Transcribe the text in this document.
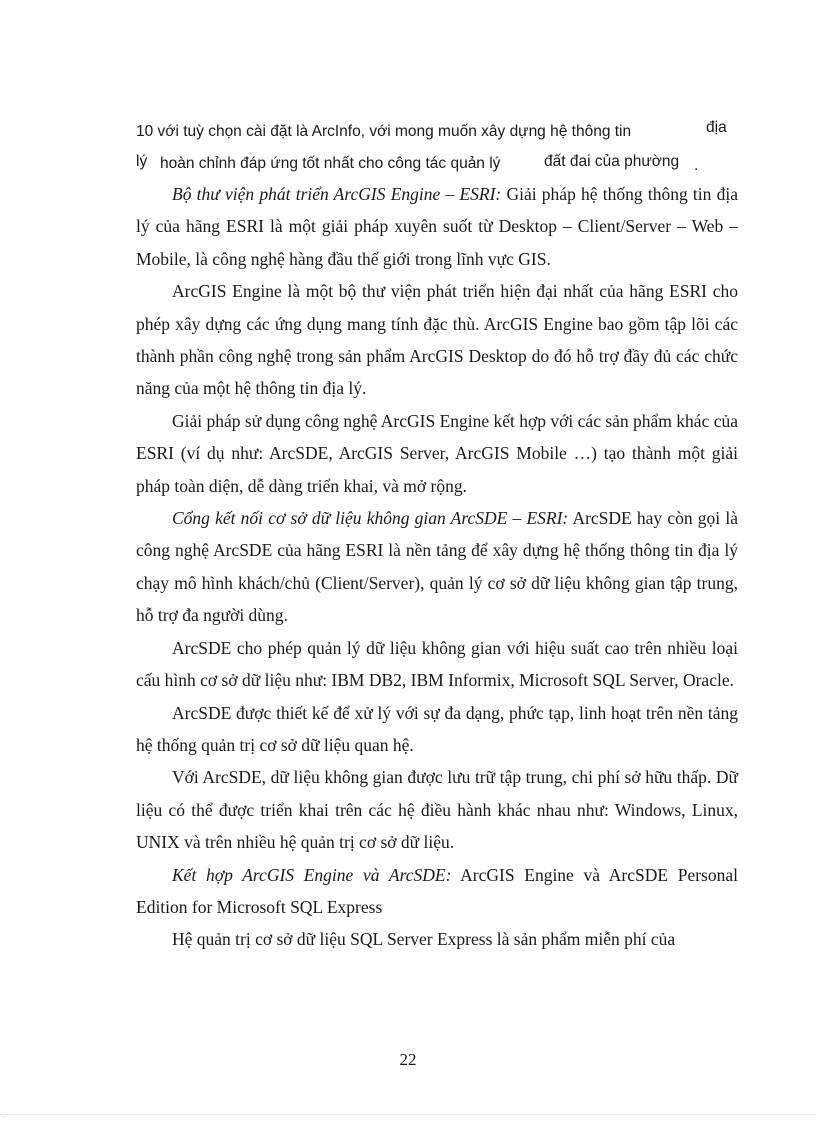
10 với tuỳ chọn cài đặt là ArcInfo, với mong muốn xây dựng hệ thông tin	địa
lý hoàn chỉnh đáp ứng tốt nhất cho công tác quản lý	đất đai của phường .

Bộ thư viện phát triển ArcGIS Engine – ESRI: Giải pháp hệ thống thông tin địa lý của hãng ESRI là một giải pháp xuyên suốt từ Desktop – Client/Server – Web – Mobile, là công nghệ hàng đầu thế giới trong lĩnh vực GIS.

ArcGIS Engine là một bộ thư viện phát triển hiện đại nhất của hãng ESRI cho phép xây dựng các ứng dụng mang tính đặc thù. ArcGIS Engine bao gồm tập lõi các thành phần công nghệ trong sản phẩm ArcGIS Desktop do đó hỗ trợ đầy đủ các chức năng của một hệ thông tin địa lý.

Giải pháp sử dụng công nghệ ArcGIS Engine kết hợp với các sản phẩm khác của ESRI (ví dụ như: ArcSDE, ArcGIS Server, ArcGIS Mobile …) tạo thành một giải pháp toàn diện, dễ dàng triển khai, và mở rộng.

Cổng kết nối cơ sở dữ liệu không gian ArcSDE – ESRI: ArcSDE hay còn gọi là công nghệ ArcSDE của hãng ESRI là nền tảng để xây dựng hệ thống thông tin địa lý chạy mô hình khách/chủ (Client/Server), quản lý cơ sở dữ liệu không gian tập trung, hỗ trợ đa người dùng.

ArcSDE cho phép quản lý dữ liệu không gian với hiệu suất cao trên nhiều loại cấu hình cơ sở dữ liệu như: IBM DB2, IBM Informix, Microsoft SQL Server, Oracle.

ArcSDE được thiết kế để xử lý với sự đa dạng, phức tạp, linh hoạt trên nền tảng hệ thống quản trị cơ sở dữ liệu quan hệ.

Với ArcSDE, dữ liệu không gian được lưu trữ tập trung, chi phí sở hữu thấp. Dữ liệu có thể được triển khai trên các hệ điều hành khác nhau như: Windows, Linux, UNIX và trên nhiều hệ quản trị cơ sở dữ liệu.

Kết hợp ArcGIS Engine và ArcSDE: ArcGIS Engine và ArcSDE Personal Edition for Microsoft SQL Express

Hệ quản trị cơ sở dữ liệu SQL Server Express là sản phẩm miễn phí của

22
